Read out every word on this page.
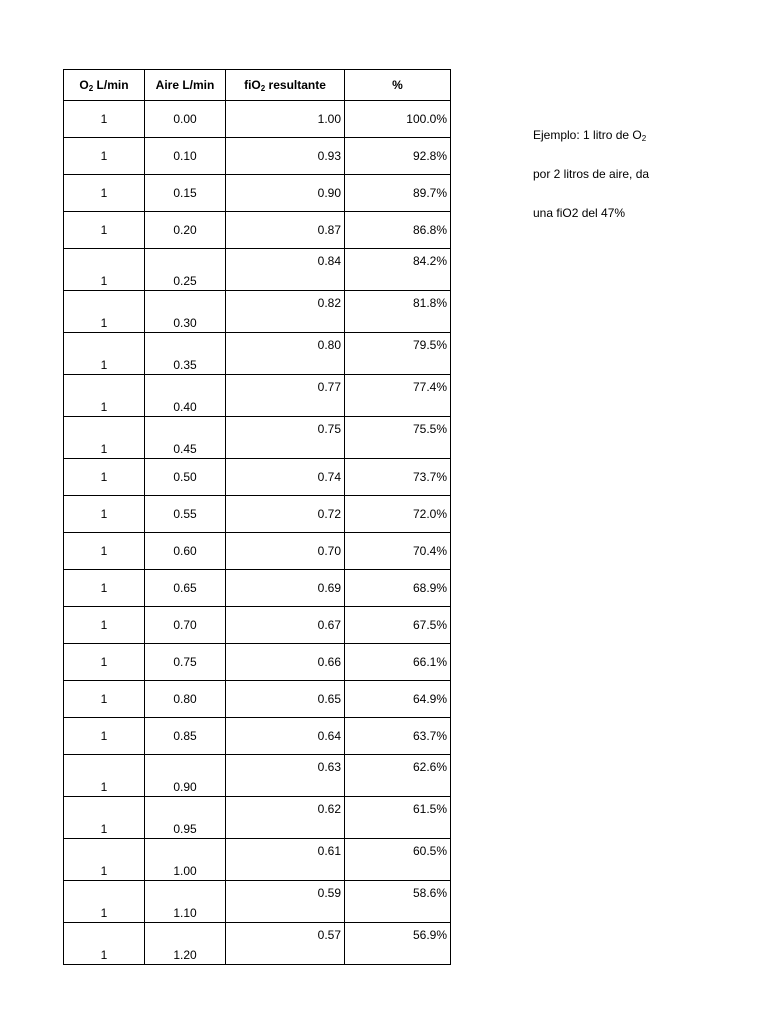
$O_2$ L/min	Aire L/min	fiO$_2$ resultante	%
1	0.00	1.00	100.0%
1	0.10	0.93	92.8%
1	0.15	0.90	89.7%
1	0.20	0.87	86.8%
1	0.25	0.84	84.2%
1	0.30	0.82	81.8%
1	0.35	0.80	79.5%
1	0.40	0.77	77.4%
1	0.45	0.75	75.5%
1	0.50	0.74	73.7%
1	0.55	0.72	72.0%
1	0.60	0.70	70.4%
1	0.65	0.69	68.9%
1	0.70	0.67	67.5%
1	0.75	0.66	66.1%
1	0.80	0.65	64.9%
1	0.85	0.64	63.7%
1	0.90	0.63	62.6%
1	0.95	0.62	61.5%
1	1.00	0.61	60.5%
1	1.10	0.59	58.6%
1	1.20	0.57	56.9%

Ejemplo: 1 litro de $O_2$

por 2 litros de aire, da

una fiO2 del 47%
